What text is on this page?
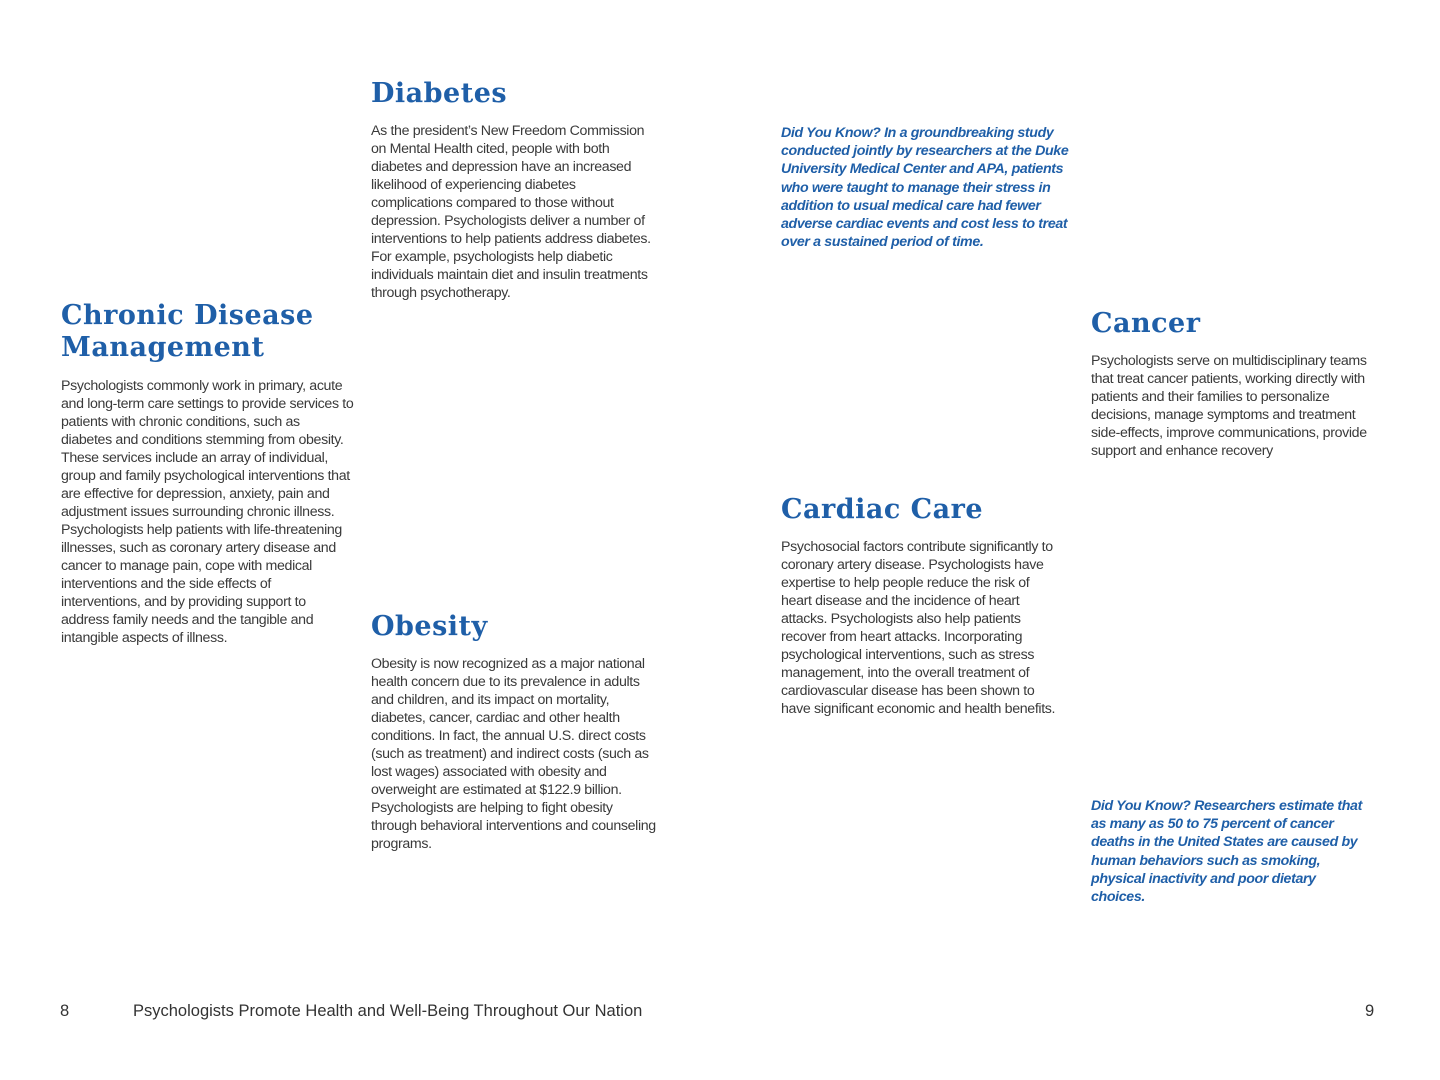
Diabetes

As the president’s New Freedom Commission on Mental Health cited, people with both diabetes and depression have an increased likelihood of experiencing diabetes complications compared to those without depression. Psychologists deliver a number of interventions to help patients address diabetes. For example, psychologists help diabetic individuals maintain diet and insulin treatments through psychotherapy.

Chronic Disease Management

Psychologists commonly work in primary, acute and long-term care settings to provide services to patients with chronic conditions, such as diabetes and conditions stemming from obesity. These services include an array of individual, group and family psychological interventions that are effective for depression, anxiety, pain and adjustment issues surrounding chronic illness. Psychologists help patients with life-threatening illnesses, such as coronary artery disease and cancer to manage pain, cope with medical interventions and the side effects of interventions, and by providing support to address family needs and the tangible and intangible aspects of illness.	Obesity

Obesity is now recognized as a major national health concern due to its prevalence in adults and children, and its impact on mortality, diabetes, cancer, cardiac and other health conditions. In fact, the annual U.S. direct costs (such as treatment) and indirect costs (such as lost wages) associated with obesity and overweight are estimated at $122.9 billion. Psychologists are helping to fight obesity through behavioral interventions and counseling programs.

Did You Know? In a groundbreaking study conducted jointly by researchers at the Duke University Medical Center and APA, patients who were taught to manage their stress in addition to usual medical care had fewer adverse cardiac events and cost less to treat over a sustained period of time.

Cardiac Care

Psychosocial factors contribute significantly to coronary artery disease. Psychologists have expertise to help people reduce the risk of heart disease and the incidence of heart attacks. Psychologists also help patients recover from heart attacks. Incorporating psychological interventions, such as stress management, into the overall treatment of cardiovascular disease has been shown to have significant economic and health benefits.

Cancer

Psychologists serve on multidisciplinary teams that treat cancer patients, working directly with patients and their families to personalize decisions, manage symptoms and treatment side-effects, improve communications, provide support and enhance recovery

Did You Know? Researchers estimate that as many as 50 to 75 percent of cancer deaths in the United States are caused by human behaviors such as smoking, physical inactivity and poor dietary choices.

8	Psychologists Promote Health and Well-Being Throughout Our Nation	9
